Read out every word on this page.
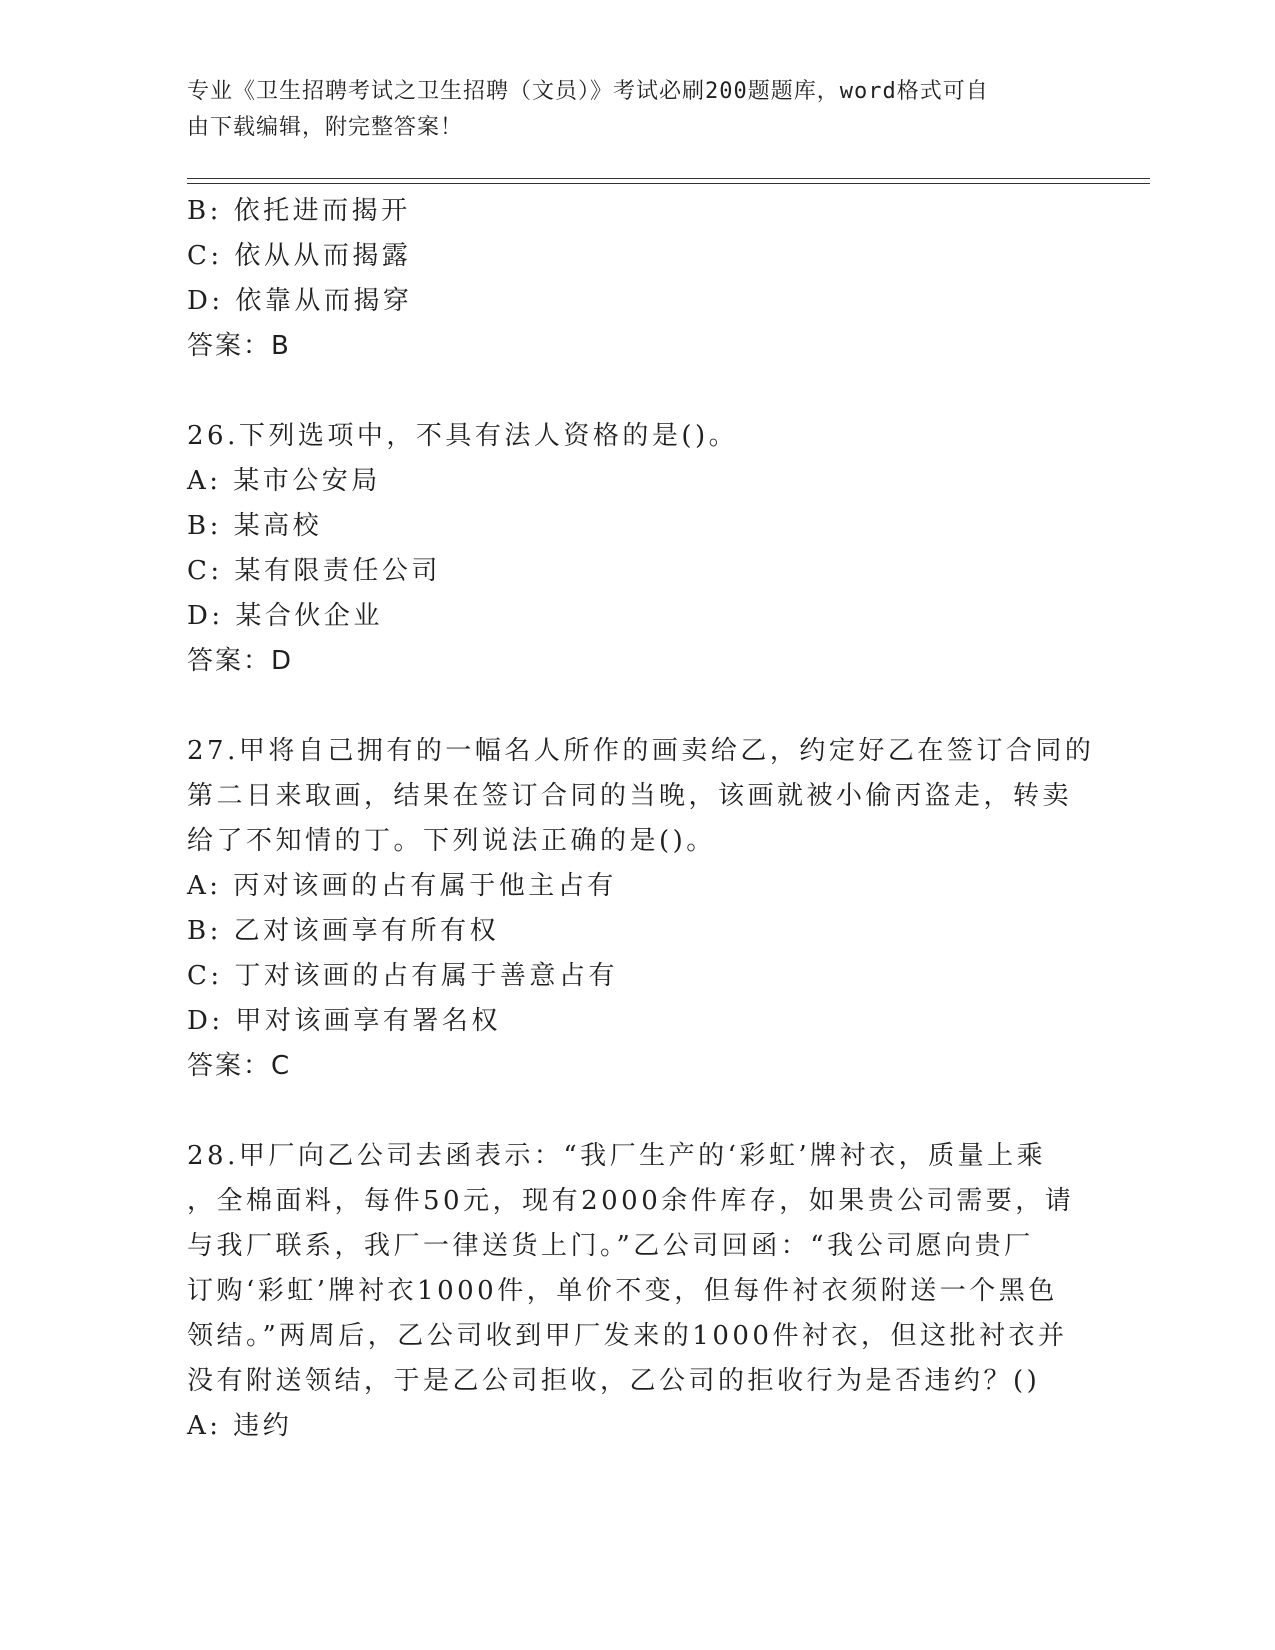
专业《卫生招聘考试之卫生招聘（文员）》考试必刷200题题库，word格式可自
由下载编辑，附完整答案！
B: 依托进而揭开
C: 依从从而揭露
D: 依靠从而揭穿
答案：B
26.下列选项中，不具有法人资格的是()。
A: 某市公安局
B: 某高校
C: 某有限责任公司
D: 某合伙企业
答案：D
27.甲将自己拥有的一幅名人所作的画卖给乙，约定好乙在签订合同的
第二日来取画，结果在签订合同的当晚，该画就被小偷丙盗走，转卖
给了不知情的丁。下列说法正确的是()。
A: 丙对该画的占有属于他主占有
B: 乙对该画享有所有权
C: 丁对该画的占有属于善意占有
D: 甲对该画享有署名权
答案：C
28.甲厂向乙公司去函表示：“我厂生产的‘彩虹’牌衬衣，质量上乘
，全棉面料，每件50元，现有2000余件库存，如果贵公司需要，请
与我厂联系，我厂一律送货上门。”乙公司回函：“我公司愿向贵厂
订购‘彩虹’牌衬衣1000件，单价不变，但每件衬衣须附送一个黑色
领结。”两周后，乙公司收到甲厂发来的1000件衬衣，但这批衬衣并
没有附送领结，于是乙公司拒收，乙公司的拒收行为是否违约？()
A: 违约
